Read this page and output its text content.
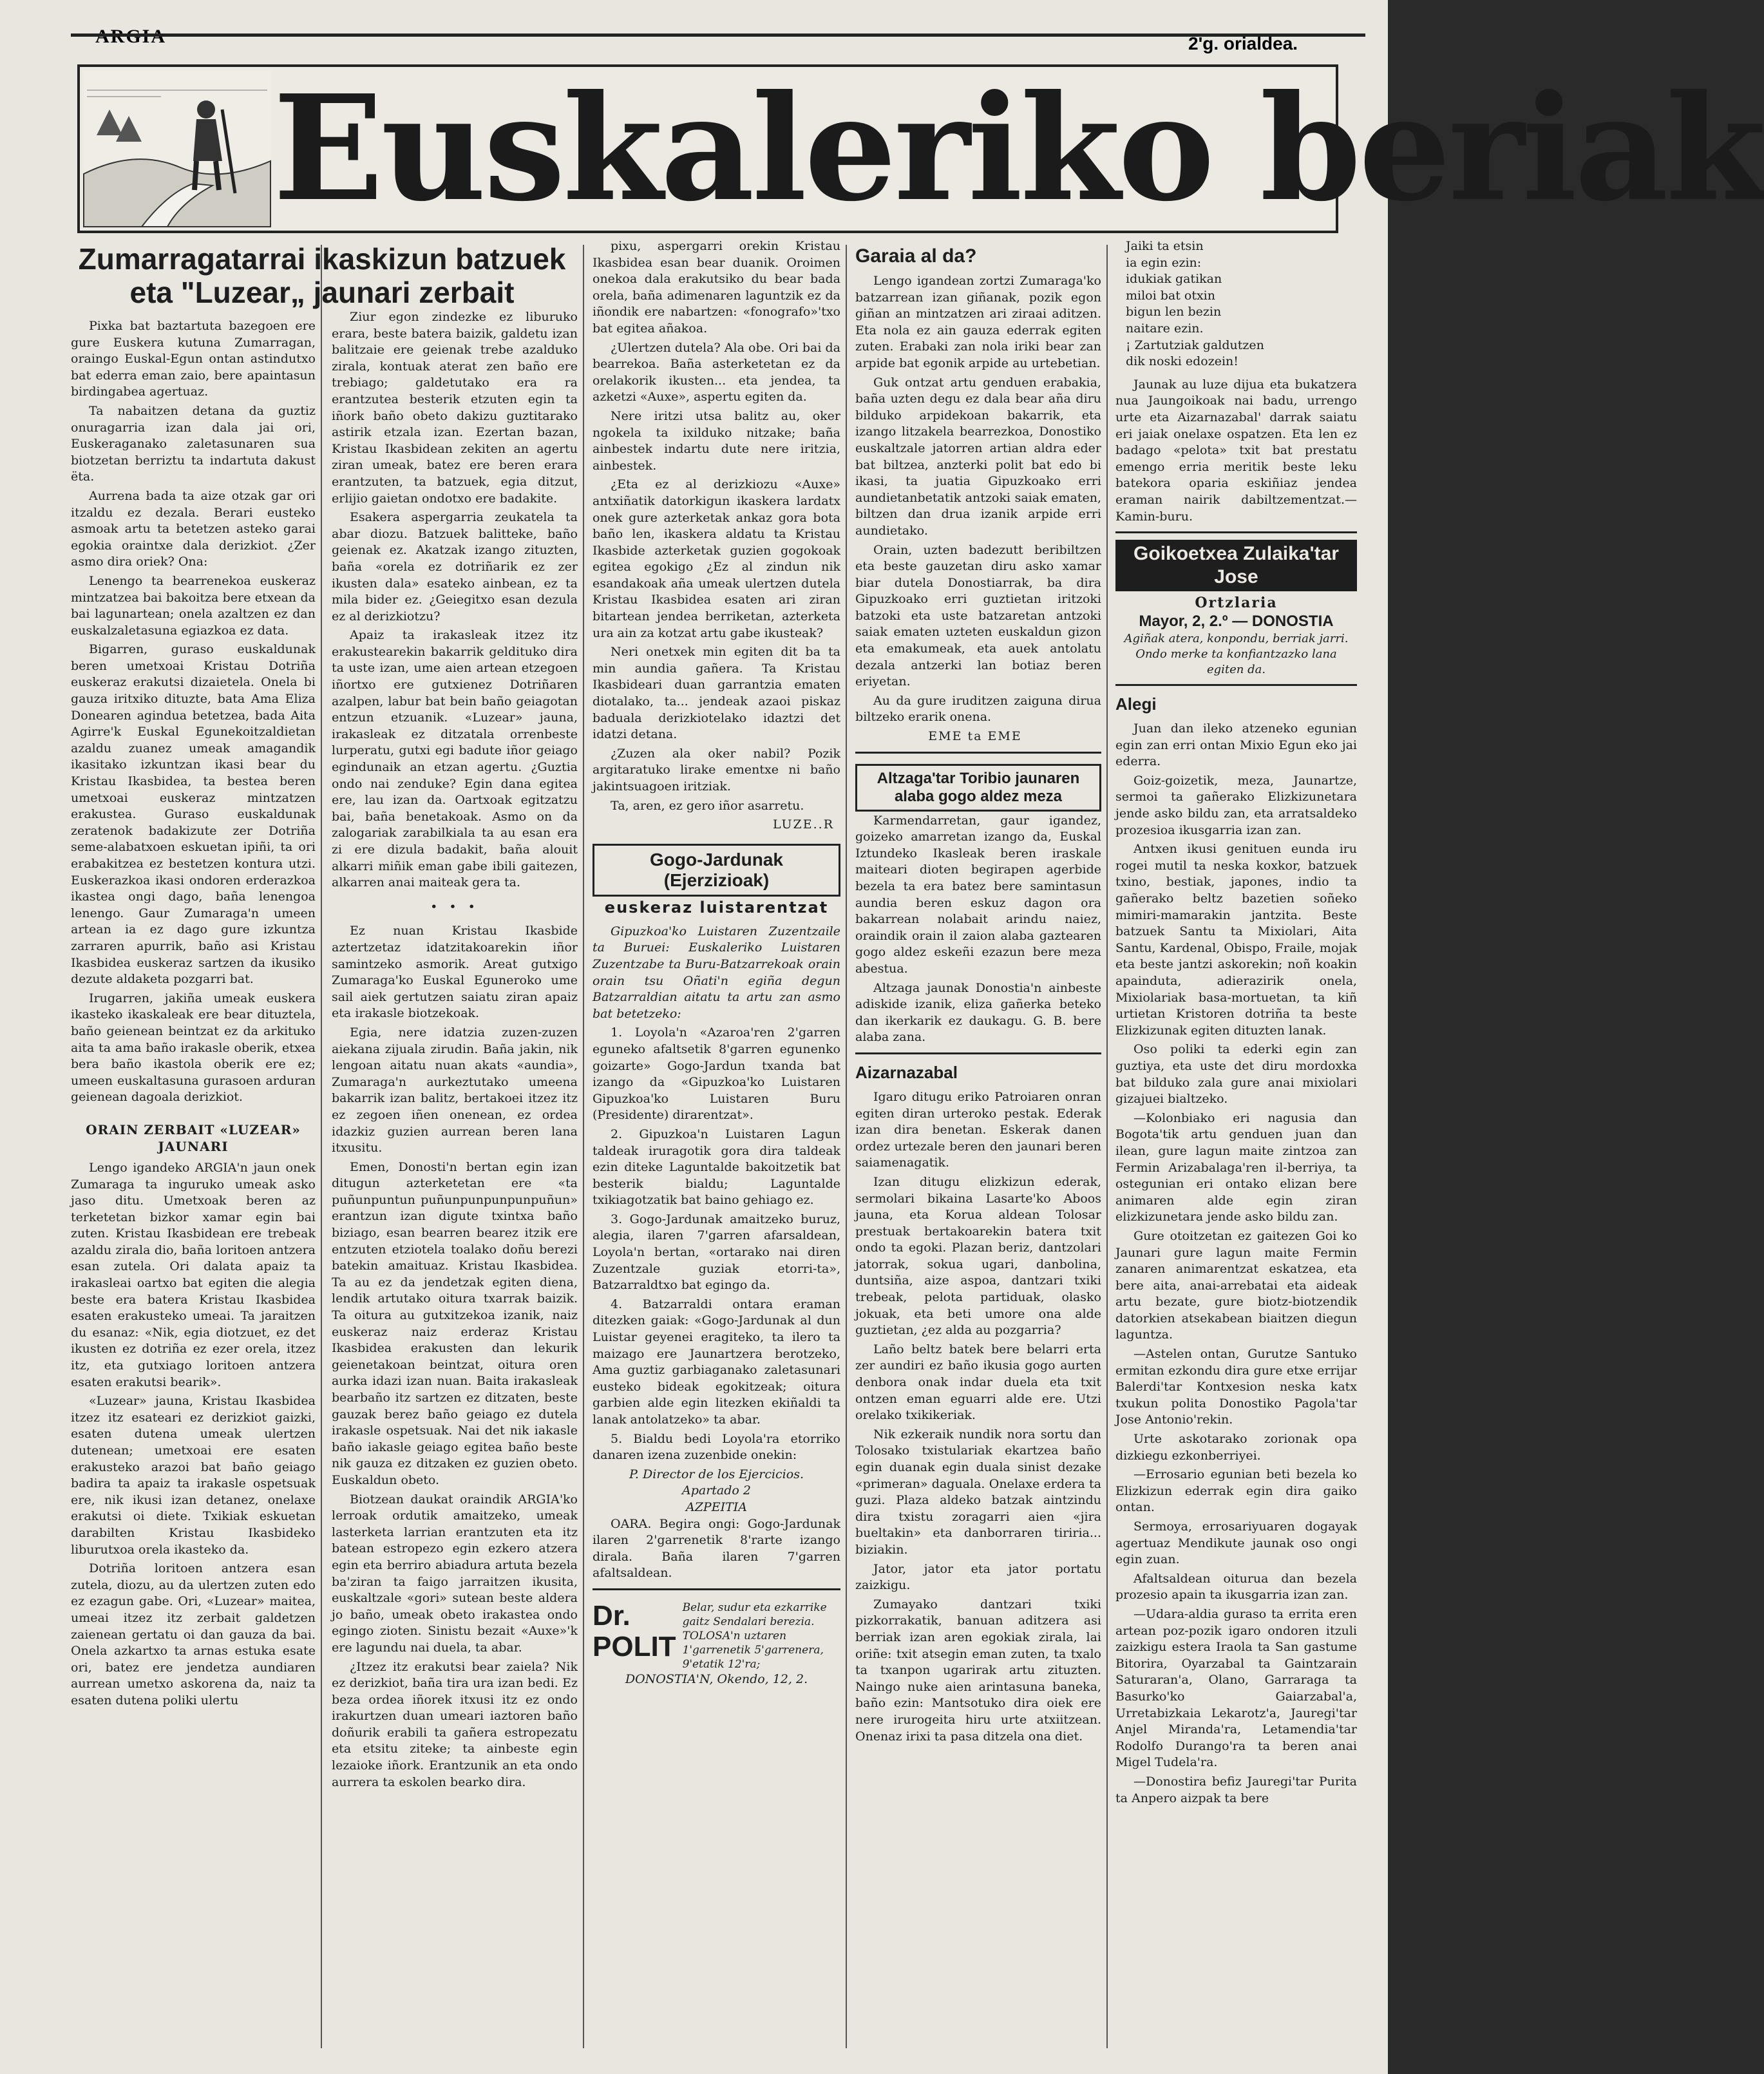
ARGIA	2'g. orialdea.
Euskaleriko beriak
Zumarragatarrai ikaskizun batzuek eta "Luzear„ jaunari zerbait

Pixka bat baztartuta bazegoen ere gure Euskera kutuna Zumarragan, oraingo Euskal-Egun ontan astindutxo bat ederra eman zaio, bere apaintasun birdingabea agertuaz.

Ta nabaitzen detana da guztiz onuragarria izan dala jai ori, Euskeraganako zaletasunaren sua biotzetan berriztu ta indartuta dakust ëta.

Aurrena bada ta aize otzak gar ori itzaldu ez dezala. Berari eusteko asmoak artu ta betetzen asteko garai egokia oraintxe dala derizkiot. ¿Zer asmo dira oriek? Ona:

Lenengo ta bearrenekoa euskeraz mintzatzea bai bakoitza bere etxean da bai lagunartean; onela azaltzen ez dan euskalzaletasuna egiazkoa ez data.

Bigarren, guraso euskaldunak beren umetxoai Kristau Dotriña euskeraz erakutsi dizaietela. Onela bi gauza iritxiko dituzte, bata Ama Eliza Donearen agindua betetzea, bada Aita Agirre'k Euskal Egunekoitzaldietan azaldu zuanez umeak amagandik ikasitako izkuntzan ikasi bear du Kristau Ikasbidea, ta bestea beren umetxoai euskeraz mintzatzen erakustea. Guraso euskaldunak zeratenok badakizute zer Dotriña seme-alabatxoen eskuetan ipiñi, ta ori erabakitzea ez bestetzen kontura utzi. Euskerazkoa ikasi ondoren erderazkoa ikastea ongi dago, baña lenengoa lenengo. Gaur Zumaraga'n umeen artean ia ez dago gure izkuntza zarraren apurrik, baño asi Kristau Ikasbidea euskeraz sartzen da ikusiko dezute aldaketa pozgarri bat.

Irugarren, jakiña umeak euskera ikasteko ikaskaleak ere bear dituztela, baño geienean beintzat ez da arkituko aita ta ama baño irakasle oberik, etxea bera baño ikastola oberik ere ez; umeen euskaltasuna gurasoen arduran geienean dagoala derizkiot.

ORAIN ZERBAIT «LUZEAR» JAUNARI

Lengo igandeko ARGIA'n jaun onek Zumaraga ta inguruko umeak asko jaso ditu. Umetxoak beren az terketetan bizkor xamar egin bai zuten. Kristau Ikasbidean ere trebeak azaldu zirala dio, baña loritoen antzera esan zutela. Ori dalata apaiz ta irakasleai oartxo bat egiten die alegia beste era batera Kristau Ikasbidea esaten erakusteko umeai. Ta jaraitzen du esanaz: «Nik, egia diotzuet, ez det ikusten ez dotriña ez ezer orela, itzez itz, eta gutxiago loritoen antzera esaten erakutsi bearik».

«Luzear» jauna, Kristau Ikasbidea itzez itz esateari ez derizkiot gaizki, esaten dutena umeak ulertzen dutenean; umetxoai ere esaten erakusteko arazoi bat baño geiago badira ta apaiz ta irakasle ospetsuak ere, nik ikusi izan detanez, onelaxe erakutsi oi diete. Txikiak eskuetan darabilten Kristau Ikasbideko liburutxoa orela ikasteko da.

Dotriña loritoen antzera esan zutela, diozu, au da ulertzen zuten edo ez ezagun gabe. Ori, «Luzear» maitea, umeai itzez itz zerbait galdetzen zaienean gertatu oi dan gauza da bai. Onela azkartxo ta arnas estuka esate ori, batez ere jendetza aundiaren aurrean umetxo askorena da, naiz ta esaten dutena poliki ulertu

Ziur egon zindezke ez liburuko erara, beste batera baizik, galdetu izan balitzaie ere geienak trebe azalduko zirala, kontuak aterat zen baño ere trebiago; galdetutako era ra erantzutea besterik etzuten egin ta iñork baño obeto dakizu guztitarako astirik etzala izan. Ezertan bazan, Kristau Ikasbidean zekiten an agertu ziran umeak, batez ere beren erara erantzuten, ta batzuek, egia ditzut, erlijio gaietan ondotxo ere badakite.

Esakera aspergarria zeukatela ta abar diozu. Batzuek balitteke, baño geienak ez. Akatzak izango zituzten, baña «orela ez dotriñarik ez zer ikusten dala» esateko ainbean, ez ta mila bider ez. ¿Geiegitxo esan dezula ez al derizkiotzu?

Apaiz ta irakasleak itzez itz erakustearekin bakarrik geldituko dira ta uste izan, ume aien artean etzegoen iñortxo ere gutxienez Dotriñaren azalpen, labur bat bein baño geiagotan entzun etzuanik. «Luzear» jauna, irakasleak ez ditzatala orrenbeste lurperatu, gutxi egi badute iñor geiago egindunaik an etzan agertu. ¿Guztia ondo nai zenduke? Egin dana egitea ere, lau izan da. Oartxoak egitzatzu bai, baña benetakoak. Asmo on da zalogariak zarabilkiala ta au esan era zi ere dizula badakit, baña alouit alkarri miñik eman gabe ibili gaitezen, alkarren anai maiteak gera ta.

• • •

Ez nuan Kristau Ikasbide aztertzetaz idatzitakoarekin iñor samintzeko asmorik. Areat gutxigo Zumaraga'ko Euskal Eguneroko ume sail aiek gertutzen saiatu ziran apaiz eta irakasle biotzekoak.

Egia, nere idatzia zuzen-zuzen aiekana zijuala zirudin. Baña jakin, nik lengoan aitatu nuan akats «aundia», Zumaraga'n aurkeztutako umeena bakarrik izan balitz, bertakoei itzez itz ez zegoen iñen onenean, ez ordea idazkiz guzien aurrean beren lana itxusitu.

Emen, Donosti'n bertan egin izan ditugun azterketetan ere «ta puñunpuntun puñunpunpunpunpuñun» erantzun izan digute txintxa baño biziago, esan bearren bearez itzik ere entzuten etziotela toalako doñu berezi batekin amaituaz. Kristau Ikasbidea. Ta au ez da jendetzak egiten diena, lendik artutako oitura txarrak baizik. Ta oitura au gutxitzekoa izanik, naiz euskeraz naiz erderaz Kristau Ikasbidea erakusten dan lekurik geienetakoan beintzat, oitura oren aurka idazi izan nuan. Baita irakasleak bearbaño itz sartzen ez ditzaten, beste gauzak berez baño geiago ez dutela irakasle ospetsuak. Nai det nik iakasle baño iakasle geiago egitea baño beste nik gauza ez ditzaken ez guzien obeto. Euskaldun obeto.

Biotzean daukat oraindik ARGIA'ko lerroak ordutik amaitzeko, umeak lasterketa larrian erantzuten eta itz batean estropezo egin ezkero atzera egin eta berriro abiadura artuta bezela ba'ziran ta faigo jarraitzen ikusita, euskaltzale «gori» sutean beste aldera jo baño, umeak obeto irakastea ondo egingo zioten. Sinistu bezait «Auxe»'k ere lagundu nai duela, ta abar.

¿Itzez itz erakutsi bear zaiela? Nik ez derizkiot, baña tira ura izan bedi. Ez beza ordea iñorek itxusi itz ez ondo irakurtzen duan umeari iaztoren baño doñurik erabili ta gañera estropezatu eta etsitu ziteke; ta ainbeste egin lezaioke iñork. Erantzunik an eta ondo aurrera ta eskolen bearko dira.

pixu, aspergarri orekin Kristau Ikasbidea esan bear duanik. Oroimen onekoa dala erakutsiko du bear bada orela, baña adimenaren laguntzik ez da iñondik ere nabartzen: «fonografo»'txo bat egitea añakoa.

¿Ulertzen dutela? Ala obe. Ori bai da bearrekoa. Baña asterketetan ez da orelakorik ikusten... eta jendea, ta azketzi «Auxe», aspertu egiten da.

Nere iritzi utsa balitz au, oker ngokela ta ixilduko nitzake; baña ainbestek indartu dute nere iritzia, ainbestek.

¿Eta ez al derizkiozu «Auxe» antxiñatik datorkigun ikaskera lardatx onek gure azterketak ankaz gora bota baño len, ikaskera aldatu ta Kristau Ikasbide azterketak guzien gogokoak egitea egokigo ¿Ez al zindun nik esandakoak aña umeak ulertzen dutela Kristau Ikasbidea esaten ari ziran bitartean jendea berriketan, azterketa ura ain za kotzat artu gabe ikusteak?

Neri onetxek min egiten dit ba ta min aundia gañera. Ta Kristau Ikasbideari duan garrantzia ematen diotalako, ta... jendeak azaoi piskaz baduala derizkiotelako idaztzi det idatzi detana.

¿Zuzen ala oker nabil? Pozik argitaratuko lirake ementxe ni baño jakintsuagoen iritziak.

Ta, aren, ez gero iñor asarretu.

LUZE..R
Gogo-Jardunak (Ejerzizioak)
euskeraz luistarentzat

Gipuzkoa'ko Luistaren Zuzentzaile ta Buruei: Euskaleriko Luistaren Zuzentzabe ta Buru-Batzarrekoak orain orain tsu Oñati'n egiña degun Batzarraldian aitatu ta artu zan asmo bat betetzeko:

1. Loyola'n «Azaroa'ren 2'garren eguneko afaltsetik 8'garren egunenko goizarte» Gogo-Jardun txanda bat izango da «Gipuzkoa'ko Luistaren Gipuzkoa'ko Luistaren Buru (Presidente) dirarentzat».

2. Gipuzkoa'n Luistaren Lagun taldeak iruragotik gora dira taldeak ezin diteke Laguntalde bakoitzetik bat besterik bialdu; Laguntalde txikiagotzatik bat baino gehiago ez.

3. Gogo-Jardunak amaitzeko buruz, alegia, ilaren 7'garren afarsaldean, Loyola'n bertan, «ortarako nai diren Zuzentzale guziak etorri-ta», Batzarraldtxo bat egingo da.

4. Batzarraldi ontara eraman ditezken gaiak: «Gogo-Jardunak al dun Luistar geyenei eragiteko, ta ilero ta maizago ere Jaunartzera berotzeko, Ama guztiz garbiaganako zaletasunari eusteko bideak egokitzeak; oitura garbien alde egin litezken ekiñaldi ta lanak antolatzeko» ta abar.

5. Bialdu bedi Loyola'ra etorriko danaren izena zuzenbide onekin:

P. Director de los Ejercicios.
Apartado 2
AZPEITIA

OARA. Begira ongi: Gogo-Jardunak ilaren 2'garrenetik 8'rarte izango dirala. Baña ilaren 7'garren afaltsaldean.

Dr. POLIT
Belar, sudur eta ezkarrike gaitz Sendalari berezia. TOLOSA'n uztaren 1'garrenetik 5'garrenera, 9'etatik 12'ra;
DONOSTIA'N, Okendo, 12, 2.
Garaia al da?

Lengo igandean zortzi Zumaraga'ko batzarrean izan giñanak, pozik egon giñan an mintzatzen ari ziraai aditzen. Eta nola ez ain gauza ederrak egiten zuten. Erabaki zan nola iriki bear zan arpide bat egonik arpide au urtebetian.

Guk ontzat artu genduen erabakia, baña uzten degu ez dala bear aña diru bilduko arpidekoan bakarrik, eta izango litzakela bearrezkoa, Donostiko euskaltzale jatorren artian aldra eder bat biltzea, anzterki polit bat edo bi ikasi, ta juatia Gipuzkoako erri aundietanbetatik antzoki saiak ematen, biltzen dan drua izanik arpide erri aundietako.

Orain, uzten badezutt beribiltzen eta beste gauzetan diru asko xamar biar dutela Donostiarrak, ba dira Gipuzkoako erri guztietan iritzoki batzoki eta uste batzaretan antzoki saiak ematen uzteten euskaldun gizon eta emakumeak, eta auek antolatu dezala antzerki lan botiaz beren eriyetan.

Au da gure iruditzen zaiguna dirua biltzeko erarik onena.

EME ta EME
Altzaga'tar Toribio jaunaren alaba gogo aldez meza

Karmendarretan, gaur igandez, goizeko amarretan izango da, Euskal Iztundeko Ikasleak beren iraskale maiteari dioten begirapen agerbide bezela ta era batez bere samintasun aundia beren eskuz dagon ora bakarrean nolabait arindu naiez, oraindik orain il zaion alaba gaztearen gogo aldez eskeñi ezazun bere meza abestua.

Altzaga jaunak Donostia'n ainbeste adiskide izanik, eliza gañerka beteko dan ikerkarik ez daukagu. G. B. bere alaba zana.

Aizarnazabal

Igaro ditugu eriko Patroiaren onran egiten diran urteroko pestak. Ederak izan dira benetan. Eskerak danen ordez urtezale beren den jaunari beren saiamenagatik.

Izan ditugu elizkizun ederak, sermolari bikaina Lasarte'ko Aboos jauna, eta Korua aldean Tolosar prestuak bertakoarekin batera txit ondo ta egoki. Plazan beriz, dantzolari jatorrak, sokua ugari, danbolina, duntsiña, aize aspoa, dantzari txiki trebeak, pelota partiduak, olasko jokuak, eta beti umore ona alde guztietan, ¿ez alda au pozgarria?

Laño beltz batek bere belarri erta zer aundiri ez baño ikusia gogo aurten denbora onak indar duela eta txit ontzen eman eguarri alde ere. Utzi orelako txikikeriak.

Nik ezkeraik nundik nora sortu dan Tolosako txistulariak ekartzea baño egin duanak egin duala sinist dezake «primeran» daguala. Onelaxe erdera ta guzi. Plaza aldeko batzak aintzindu dira txistu zoragarri aien «jira bueltakin» eta danborraren tiriria... biziakin.

Jator, jator eta jator portatu zaizkigu.

Zumayako dantzari txiki pizkorrakatik, banuan aditzera asi berriak izan aren egokiak zirala, lai oriñe: txit atsegin eman zuten, ta txalo ta txanpon ugarirak artu zituzten. Naingo nuke aien arintasuna baneka, baño ezin: Mantsotuko dira oiek ere nere irurogeita hiru urte atxiitzean. Onenaz irixi ta pasa ditzela ona diet.

Jaiki ta etsin

ia egin ezin:

idukiak gatikan

miloi bat otxin

bigun len bezin

naitare ezin.

¡ Zartutziak galdutzen

dik noski edozein!

Jaunak au luze dijua eta bukatzera nua Jaungoikoak nai badu, urrengo urte eta Aizarnazabal' darrak saiatu eri jaiak onelaxe ospatzen. Eta len ez badago «pelota» txit bat prestatu emengo erria meritik beste leku batekora oparia eskiñiaz jendea eraman nairik dabiltzementzat.—Kamin-buru.

Goikoetxea Zulaika'tar Jose
Ortzlaria
Mayor, 2, 2.º — DONOSTIA
Agiñak atera, konpondu, berriak jarri. Ondo merke ta konfiantzazko lana egiten da.
Alegi

Juan dan ileko atzeneko egunian egin zan erri ontan Mixio Egun eko jai ederra.

Goiz-goizetik, meza, Jaunartze, sermoi ta gañerako Elizkizunetara jende asko bildu zan, eta arratsaldeko prozesioa ikusgarria izan zan.

Antxen ikusi genituen eunda iru rogei mutil ta neska koxkor, batzuek txino, bestiak, japones, indio ta gañerako beltz bazetien soñeko mimiri-mamarakin jantzita. Beste batzuek Santu ta Mixiolari, Aita Santu, Kardenal, Obispo, Fraile, mojak eta beste jantzi askorekin; noñ koakin apainduta, adierazirik onela, Mixiolariak basa-mortuetan, ta kiñ urtietan Kristoren dotriña ta beste Elizkizunak egiten dituzten lanak.

Oso poliki ta ederki egin zan guztiya, eta uste det diru mordoxka bat bilduko zala gure anai mixiolari gizajuei bialtzeko.

—Kolonbiako eri nagusia dan Bogota'tik artu genduen juan dan ilean, gure lagun maite zintzoa zan Fermin Arizabalaga'ren il-berriya, ta ostegunian eri ontako elizan bere animaren alde egin ziran elizkizunetara jende asko bildu zan.

Gure otoitzetan ez gaitezen Goi ko Jaunari gure lagun maite Fermin zanaren animarentzat eskatzea, eta bere aita, anai-arrebatai eta aideak artu bezate, gure biotz-biotzendik datorkien atsekabean biaitzen diegun laguntza.

—Astelen ontan, Gurutze Santuko ermitan ezkondu dira gure etxe errijar Balerdi'tar Kontxesion neska katx txukun polita Donostiko Pagola'tar Jose Antonio'rekin.

Urte askotarako zorionak opa dizkiegu ezkonberriyei.

—Errosario egunian beti bezela ko Elizkizun ederrak egin dira gaiko ontan.

Sermoya, errosariyuaren dogayak agertuaz Mendikute jaunak oso ongi egin zuan.

Afaltsaldean oiturua dan bezela prozesio apain ta ikusgarria izan zan.

—Udara-aldia guraso ta errita eren artean poz-pozik igaro ondoren itzuli zaizkigu estera Iraola ta San gastume Bitorira, Oyarzabal ta Gaintzarain Saturaran'a, Olano, Garraraga ta Basurko'ko Gaiarzabal'a, Urretabizkaia Lekarotz'a, Jauregi'tar Anjel Miranda'ra, Letamendia'tar Rodolfo Durango'ra ta beren anai Migel Tudela'ra.

—Donostira befiz Jauregi'tar Purita ta Anpero aizpak ta bere
